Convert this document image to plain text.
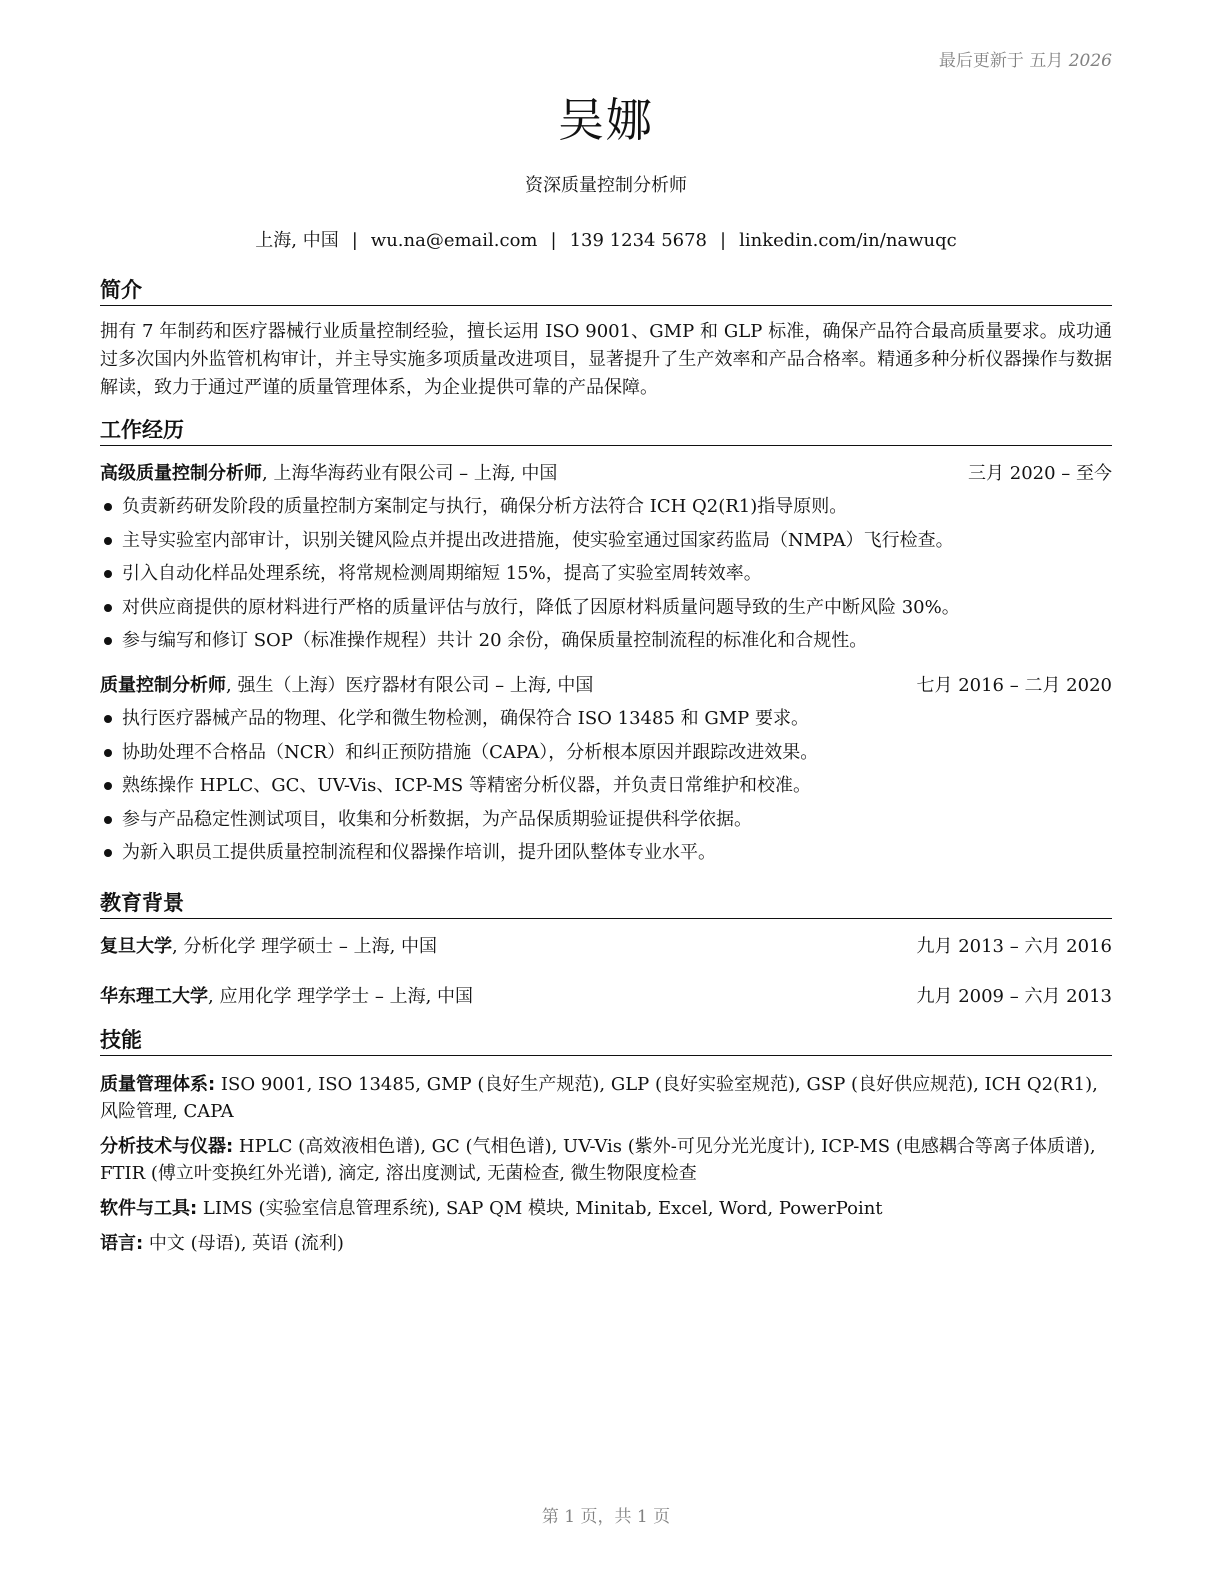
最后更新于 五月 2026
吴娜
资深质量控制分析师
上海, 中国 | wu.na@email.com | 139 1234 5678 | linkedin.com/in/nawuqc
简介
拥有 7 年制药和医疗器械行业质量控制经验，擅长运用 ISO 9001、GMP 和 GLP 标准，确保产品符合最高质量要求。成功通过多次国内外监管机构审计，并主导实施多项质量改进项目，显著提升了生产效率和产品合格率。精通多种分析仪器操作与数据解读，致力于通过严谨的质量管理体系，为企业提供可靠的产品保障。
工作经历
高级质量控制分析师, 上海华海药业有限公司 – 上海, 中国	三月 2020 – 至今
负责新药研发阶段的质量控制方案制定与执行，确保分析方法符合 ICH Q2(R1)指导原则。
主导实验室内部审计，识别关键风险点并提出改进措施，使实验室通过国家药监局（NMPA）飞行检查。
引入自动化样品处理系统，将常规检测周期缩短 15%，提高了实验室周转效率。
对供应商提供的原材料进行严格的质量评估与放行，降低了因原材料质量问题导致的生产中断风险 30%。
参与编写和修订 SOP（标准操作规程）共计 20 余份，确保质量控制流程的标准化和合规性。
质量控制分析师, 强生（上海）医疗器材有限公司 – 上海, 中国	七月 2016 – 二月 2020
执行医疗器械产品的物理、化学和微生物检测，确保符合 ISO 13485 和 GMP 要求。
协助处理不合格品（NCR）和纠正预防措施（CAPA），分析根本原因并跟踪改进效果。
熟练操作 HPLC、GC、UV-Vis、ICP-MS 等精密分析仪器，并负责日常维护和校准。
参与产品稳定性测试项目，收集和分析数据，为产品保质期验证提供科学依据。
为新入职员工提供质量控制流程和仪器操作培训，提升团队整体专业水平。
教育背景
复旦大学, 分析化学 理学硕士 – 上海, 中国	九月 2013 – 六月 2016
华东理工大学, 应用化学 理学学士 – 上海, 中国	九月 2009 – 六月 2013
技能
质量管理体系: ISO 9001, ISO 13485, GMP (良好生产规范), GLP (良好实验室规范), GSP (良好供应规范), ICH Q2(R1), 风险管理, CAPA
分析技术与仪器: HPLC (高效液相色谱), GC (气相色谱), UV-Vis (紫外-可见分光光度计), ICP-MS (电感耦合等离子体质谱), FTIR (傅立叶变换红外光谱), 滴定, 溶出度测试, 无菌检查, 微生物限度检查
软件与工具: LIMS (实验室信息管理系统), SAP QM 模块, Minitab, Excel, Word, PowerPoint
语言: 中文 (母语), 英语 (流利)
第 1 页，共 1 页
